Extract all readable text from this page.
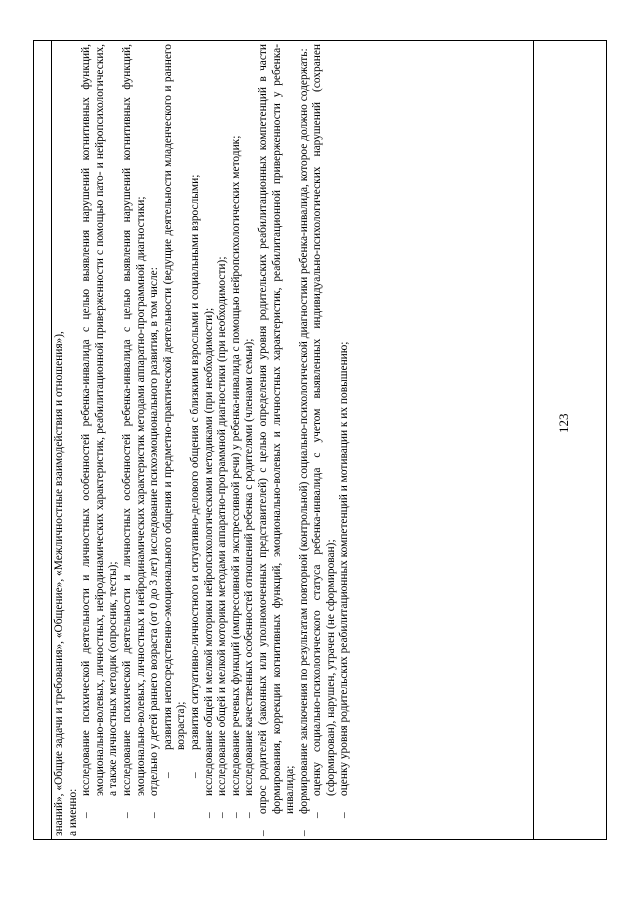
123
знаний», «Общие задачи и требования», «Общение», «Межличностные взаимодействия и отношения»), а именно: –
исследование психической деятельности и личностных особенностей ребенка-инвалида с целью выявления нарушений когнитивных функций, эмоционально-волевых, личностных, нейродинамических характеристик, реабилитационной приверженности с помощью пато- и нейропсихологических, а также личностных методик (опросник, тесты);
–
исследование психической деятельности и личностных особенностей ребенка-инвалида с целью выявления нарушений когнитивных функций, эмоционально-волевых, личностных и нейродинамических характеристик методами аппаратно-программной диагностики;
–
отдельно у детей раннего возраста (от 0 до 3 лет) исследование психоэмоционального развития, в том числе: –
развития непосредственно-эмоционального общения и предметно-практической деятельности (ведущие деятельности младенческого и раннего возраста);
–
развития ситуативно-личностного и ситуативно-делового общения с близкими взрослыми и социальными взрослыми;
–
исследование общей и мелкой моторики нейропсихологическими методиками (при необходимости);
–
исследование общей и мелкой моторики методами аппаратно-программной диагностики (при необходимости);
–
исследование речевых функций (импрессивной и экспрессивной речи) у ребенка-инвалида с помощью нейропсихологических методик;
–
исследование качественных особенностей отношений ребенка с родителями (членами семьи);
–
опрос родителей (законных или уполномоченных представителей) с целью определения уровня родительских реабилитационных компетенций в части формирования, коррекции когнитивных функций, эмоционально-волевых и личностных характеристик, реабилитационной приверженности у ребенка-инвалида;
–
формирование заключения по результатам повторной (контрольной) социально-психологической диагностики ребенка-инвалида, которое должно содержать:
–
оценку социально-психологического статуса ребенка-инвалида с учетом выявленных индивидуально-психологических нарушений (сохранен (сформирован), нарушен, утрачен (не сформирован);
–
оценку уровня родительских реабилитационных компетенций и мотивации к их повышению;
